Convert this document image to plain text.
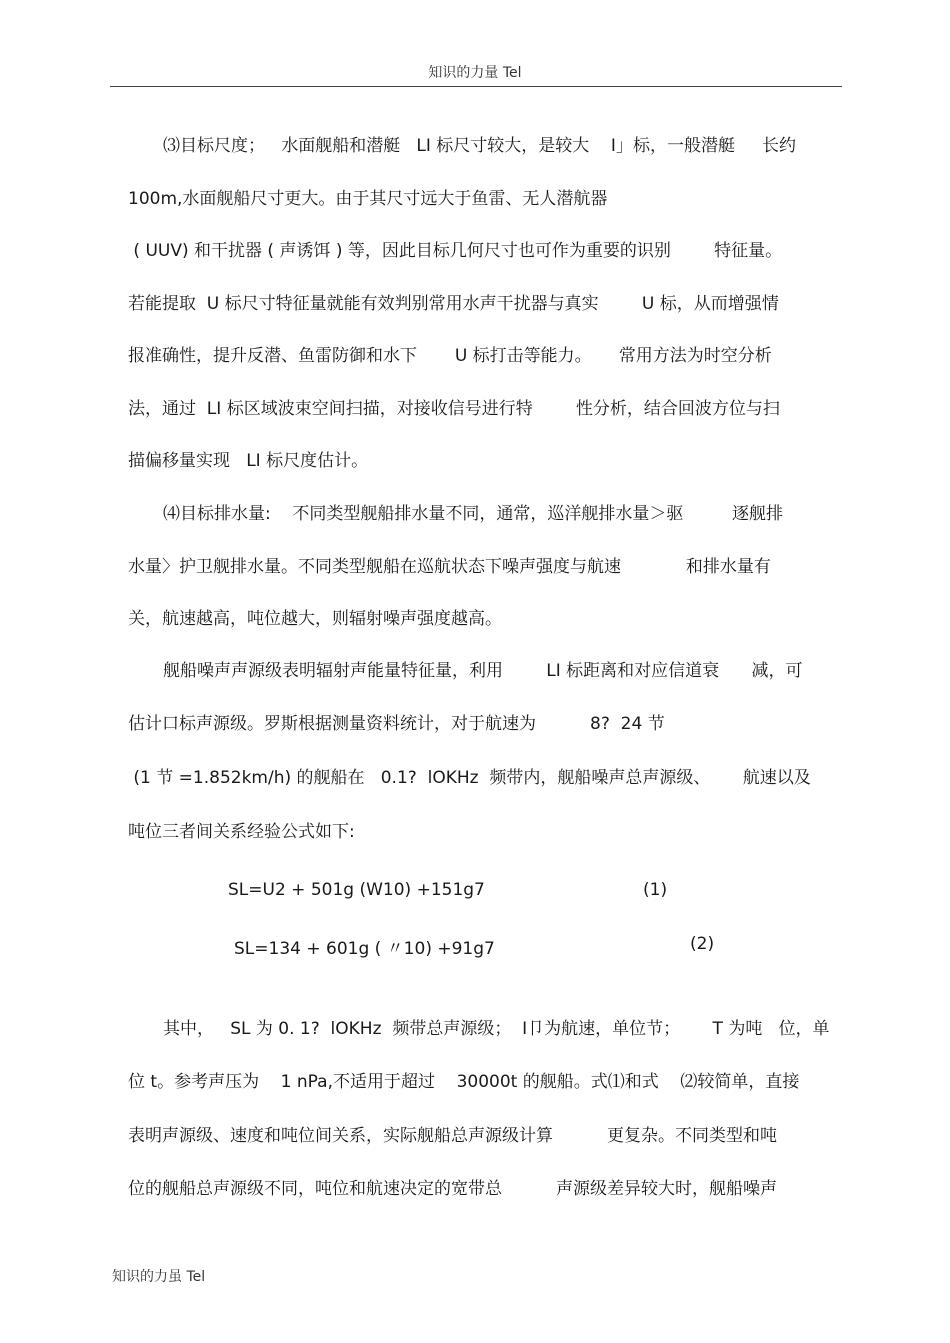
知识的力量 Tel
⑶目标尺度；   水面舰船和潜艇   LI 标尺寸较大，是较大    I」标，一般潜艇     长约
100m,水面舰船尺寸更大。由于其尺寸远大于鱼雷、无人潜航器
( UUV) 和干扰器 ( 声诱饵 ) 等，因此目标几何尺寸也可作为重要的识别        特征量。
若能提取  U 标尺寸特征量就能有效判别常用水声干扰器与真实        U 标，从而增强情
报准确性，提升反潜、鱼雷防御和水下       U 标打击等能力。     常用方法为时空分析
法，通过  LI 标区域波束空间扫描，对接收信号进行特        性分析，结合回波方位与扫
描偏移量实现   LI 标尺度估计。
⑷目标排水量:    不同类型舰船排水量不同，通常，巡洋舰排水量＞驱         逐舰排
水量〉护卫舰排水量。不同类型舰船在巡航状态下噪声强度与航速            和排水量有
关，航速越高，吨位越大，则辐射噪声强度越高。
舰船噪声声源级表明辐射声能量特征量，利用        LI 标距离和对应信道衰      减，可
估计口标声源级。罗斯根据测量资料统计，对于航速为          8?  24 节
(1 节 =1.852km/h) 的舰船在   0.1?  lOKHz  频带内，舰船噪声总声源级、      航速以及
吨位三者间关系经验公式如下:
SL=U2 + 501g (W10) +151g7	(1)
SL=134 + 601g ( 〃10) +91g7	(2)
其中，   SL 为 0. 1?  lOKHz  频带总声源级；  I卩为航速，单位节；      T 为吨   位，单
位 t。参考声压为    1 nPa,不适用于超过    30000t 的舰船。式⑴和式    ⑵较简单，直接
表明声源级、速度和吨位间关系，实际舰船总声源级计算          更复杂。不同类型和吨
位的舰船总声源级不同，吨位和航速决定的宽带总          声源级差异较大时，舰船噪声
知识的力虽 Tel
